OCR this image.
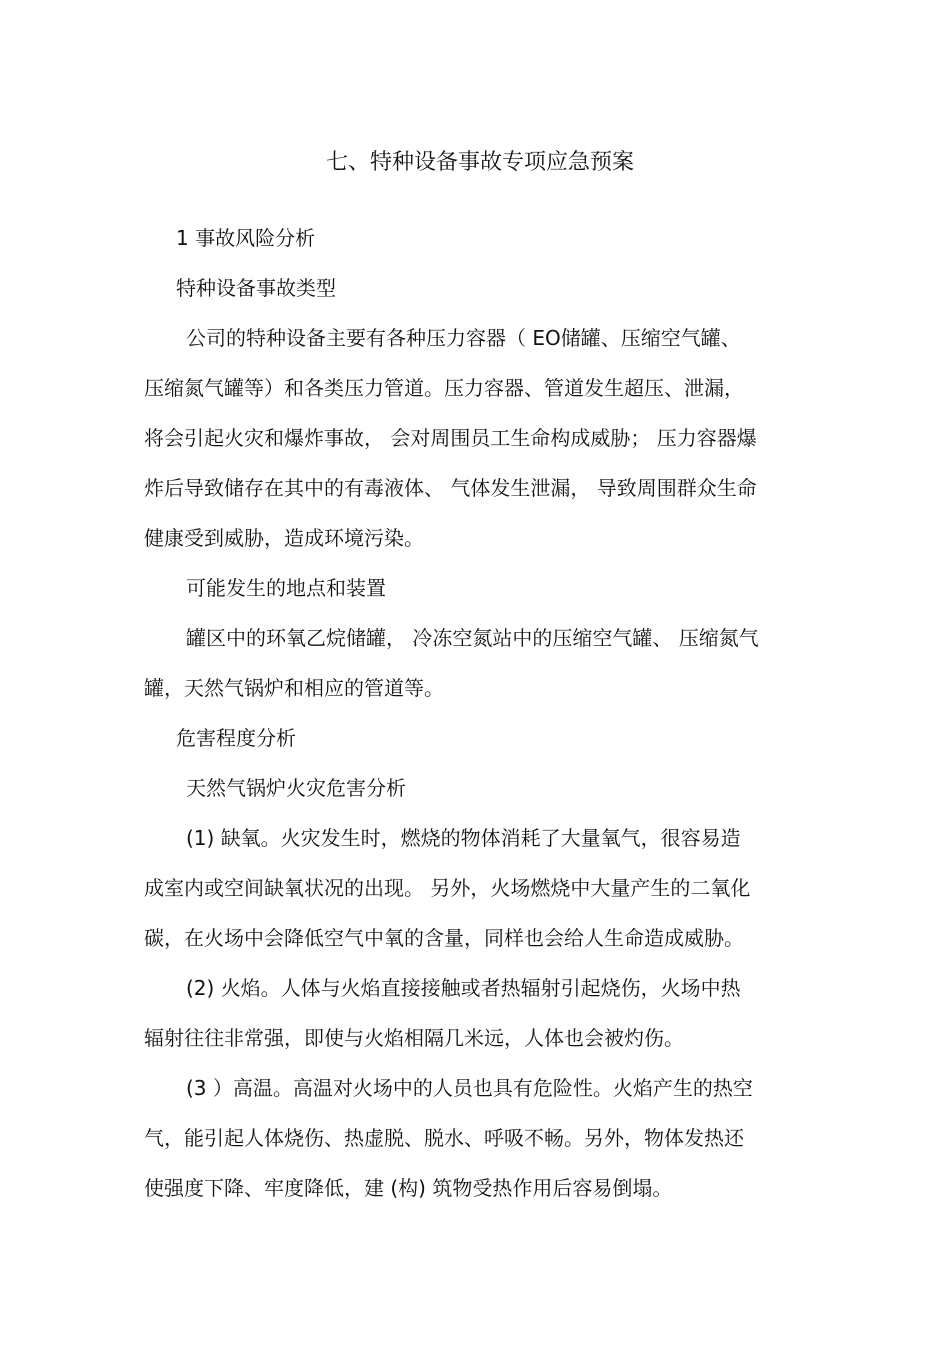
七、特种设备事故专项应急预案
1 事故风险分析
特种设备事故类型
公司的特种设备主要有各种压力容器（ EO储罐、压缩空气罐、
压缩氮气罐等）和各类压力管道。压力容器、管道发生超压、泄漏，
将会引起火灾和爆炸事故， 会对周围员工生命构成威胁； 压力容器爆
炸后导致储存在其中的有毒液体、 气体发生泄漏， 导致周围群众生命
健康受到威胁，造成环境污染。
可能发生的地点和装置
罐区中的环氧乙烷储罐， 冷冻空氮站中的压缩空气罐、 压缩氮气
罐，天然气锅炉和相应的管道等。
危害程度分析
天然气锅炉火灾危害分析
(1) 缺氧。火灾发生时，燃烧的物体消耗了大量氧气，很容易造
成室内或空间缺氧状况的出现。 另外，火场燃烧中大量产生的二氧化
碳，在火场中会降低空气中氧的含量，同样也会给人生命造成威胁。
(2) 火焰。人体与火焰直接接触或者热辐射引起烧伤，火场中热
辐射往往非常强，即使与火焰相隔几米远，人体也会被灼伤。
(3 ）高温。高温对火场中的人员也具有危险性。火焰产生的热空
气，能引起人体烧伤、热虚脱、脱水、呼吸不畅。另外，物体发热还
使强度下降、牢度降低，建 (构) 筑物受热作用后容易倒塌。
